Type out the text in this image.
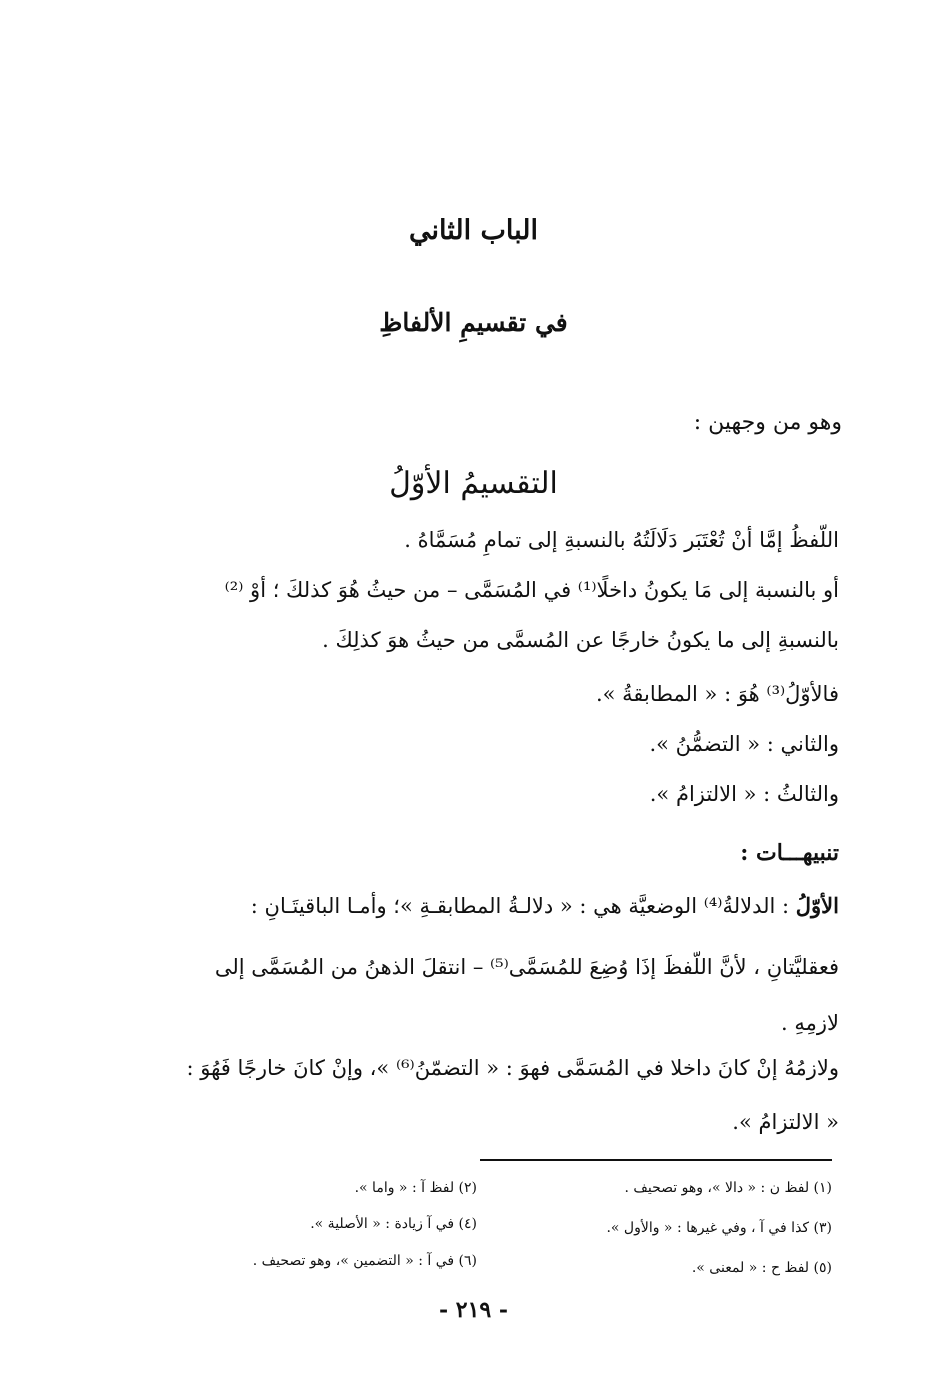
الباب الثاني
في تقسيمِ الألفاظِ
وهو من وجهين :
التقسيمُ الأوّلُ
اللّفظُ إمَّا أنْ تُعْتَبَر دَلَالَتُهُ بالنسبةِ إلى تمامِ مُسَمَّاهُ .
أو بالنسبة إلى مَا يكونُ داخلًا⁽¹⁾ في المُسَمَّى – من حيثُ هُوَ كذلكَ ؛ أوْ ⁽²⁾
بالنسبةِ إلى ما يكونُ خارجًا عن المُسمَّى من حيثُ هوَ كذلِكَ .
فالأوّلُ⁽³⁾ هُوَ : « المطابقةُ ».
والثاني : « التضمُّنُ ».
والثالثُ : « الالتزامُ ».
تنبيهـــات :
الأوّلُ : الدلالةُ⁽⁴⁾ الوضعيَّة هي : « دلالـةُ المطابقـةِ »؛ وأمـا الباقيتَـانِ :
فعقليَّتانِ ، لأنَّ اللّفظَ إذَا وُضِعَ للمُسَمَّى⁽⁵⁾ – انتقلَ الذهنُ من المُسَمَّى إلى
لازمِهِ .
ولازمُهُ إنْ كانَ داخلا في المُسَمَّى فهوَ : « التضمّنُ⁽⁶⁾ »، وإنْ كانَ خارجًا فَهُوَ :
« الالتزامُ ».
(١) لفظ ن : « دالا »، وهو تصحيف .
(٢) لفظ آ : « واما ».
(٣) كذا في آ ، وفي غيرها : « والأول ».
(٤) في آ زيادة : « الأصلية ».
(٥) لفظ ح : « لمعنى ».
(٦) في آ : « التضمين »، وهو تصحيف .
- ٢١٩ -
